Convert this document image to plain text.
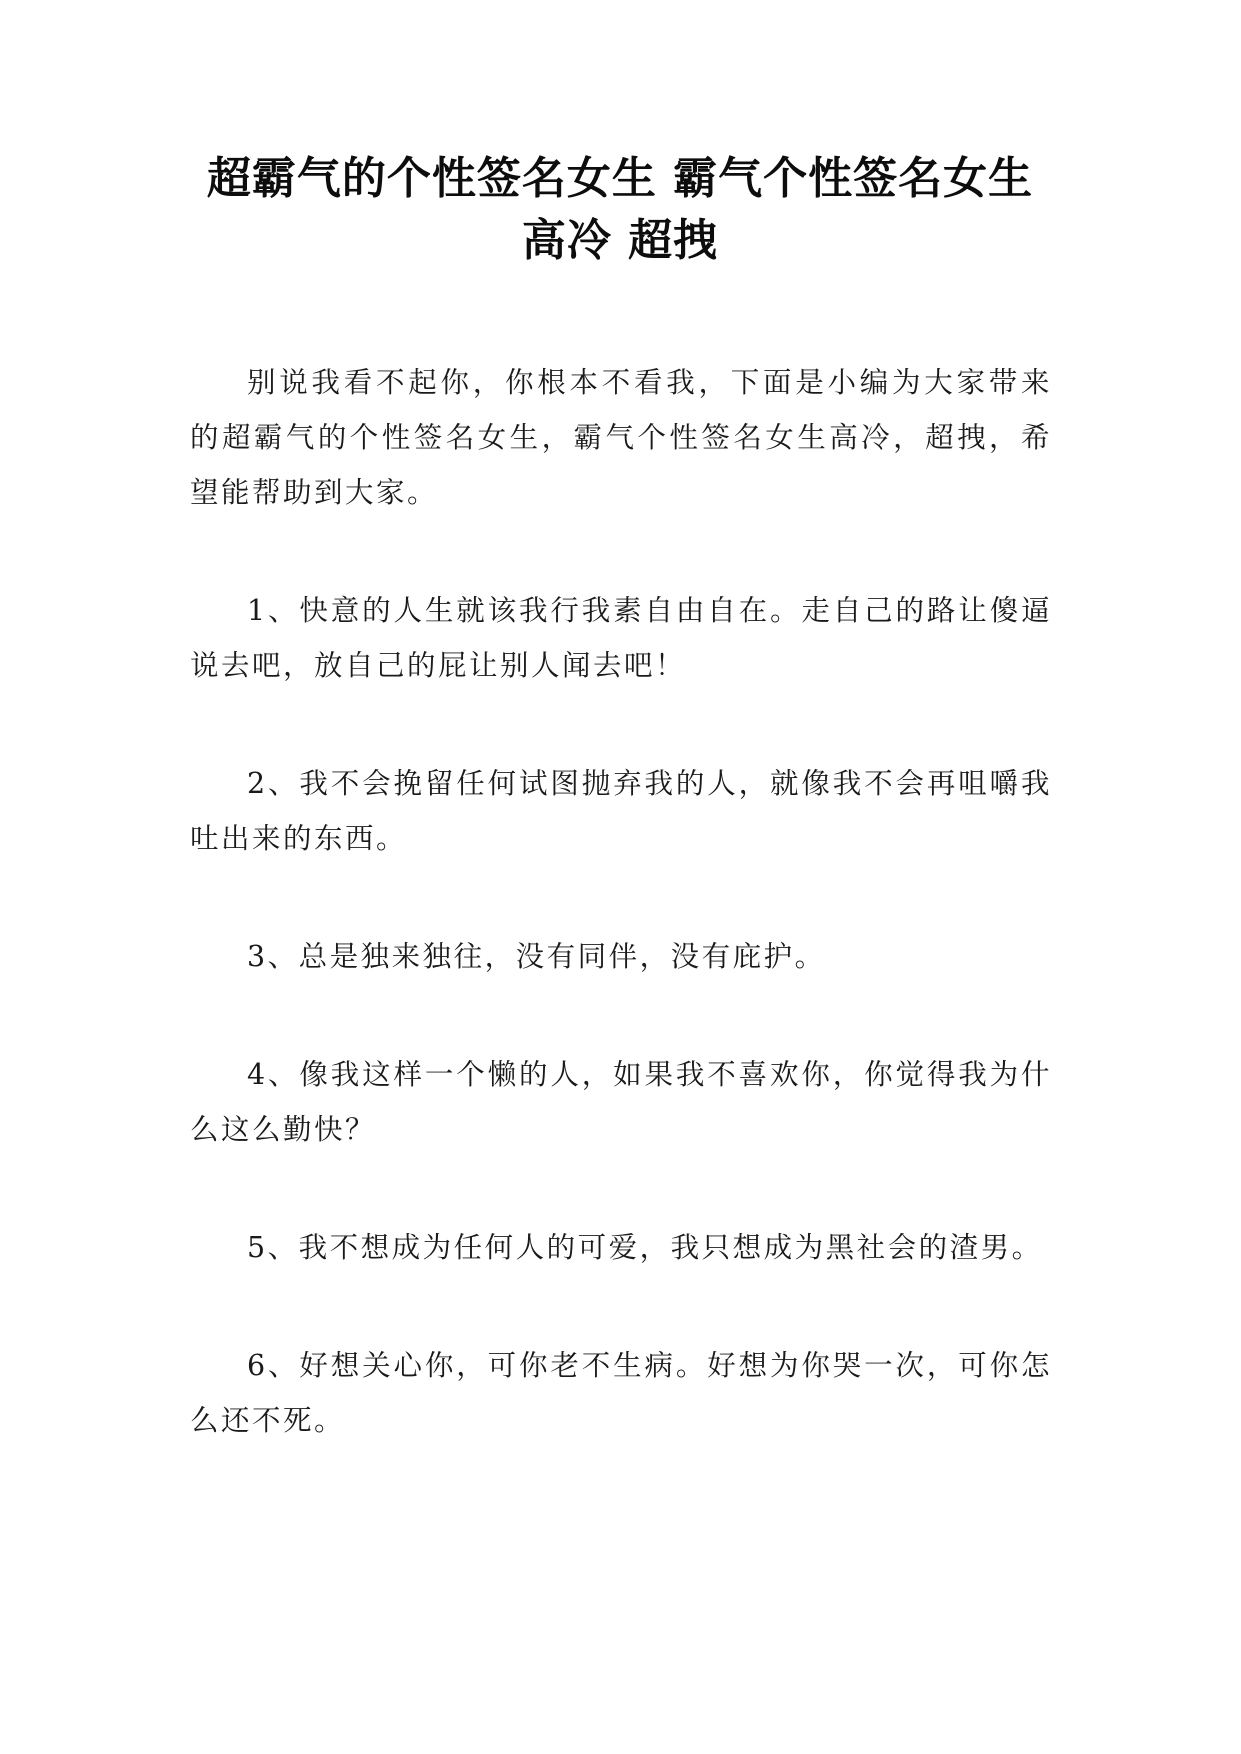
超霸气的个性签名女生 霸气个性签名女生
高冷 超拽

别说我看不起你，你根本不看我，下面是小编为大家带来的超霸气的个性签名女生，霸气个性签名女生高冷，超拽，希望能帮助到大家。

1、快意的人生就该我行我素自由自在。走自己的路让傻逼说去吧，放自己的屁让别人闻去吧！

2、我不会挽留任何试图抛弃我的人，就像我不会再咀嚼我吐出来的东西。

3、总是独来独往，没有同伴，没有庇护。

4、像我这样一个懒的人，如果我不喜欢你，你觉得我为什么这么勤快？

5、我不想成为任何人的可爱，我只想成为黑社会的渣男。

6、好想关心你，可你老不生病。好想为你哭一次，可你怎么还不死。
